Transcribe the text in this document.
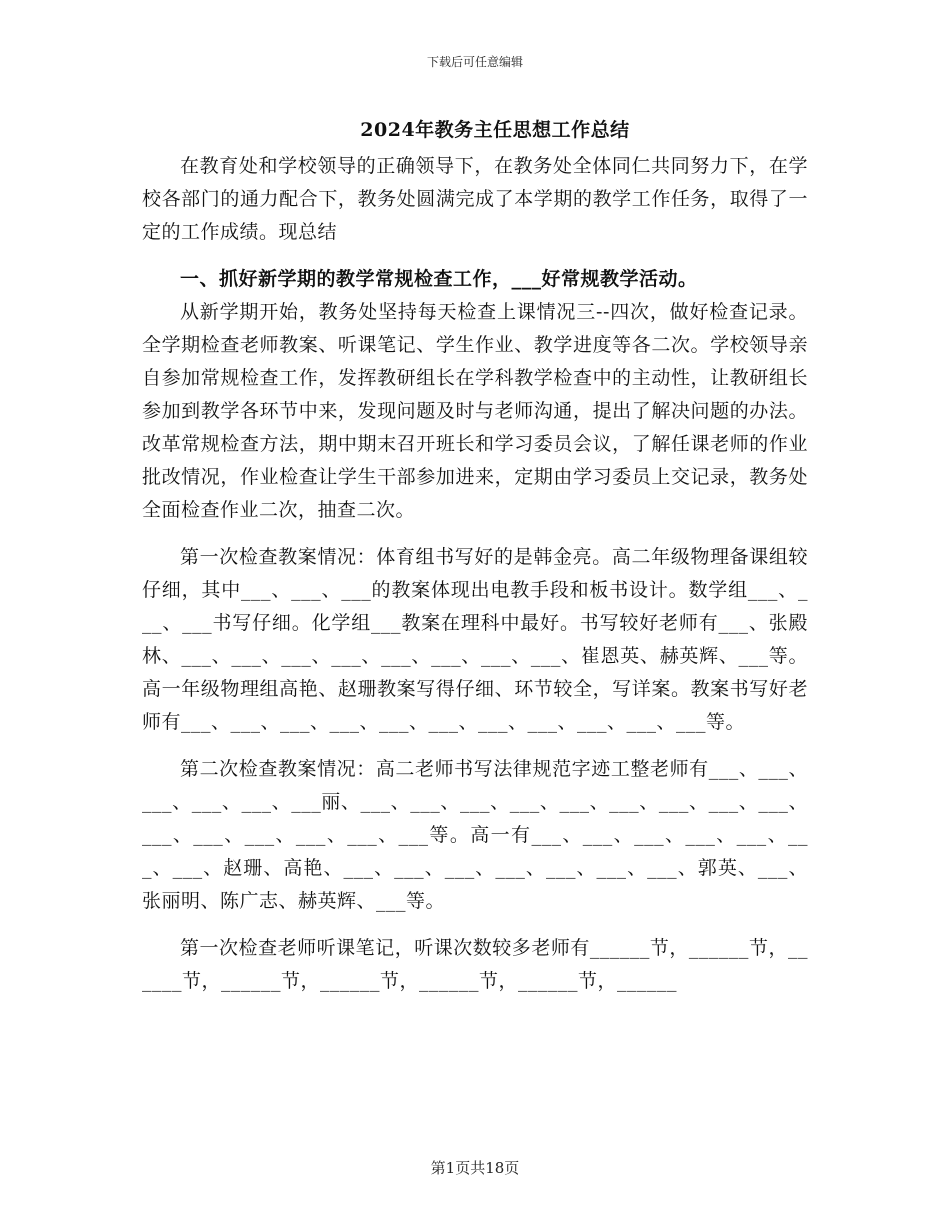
下载后可任意编辑
2024年教务主任思想工作总结

在教育处和学校领导的正确领导下，在教务处全体同仁共同努力下，在学校各部门的通力配合下，教务处圆满完成了本学期的教学工作任务，取得了一定的工作成绩。现总结

一、抓好新学期的教学常规检查工作，___好常规教学活动。

从新学期开始，教务处坚持每天检查上课情况三--四次，做好检查记录。全学期检查老师教案、听课笔记、学生作业、教学进度等各二次。学校领导亲自参加常规检查工作，发挥教研组长在学科教学检查中的主动性，让教研组长参加到教学各环节中来，发现问题及时与老师沟通，提出了解决问题的办法。改革常规检查方法，期中期末召开班长和学习委员会议，了解任课老师的作业批改情况，作业检查让学生干部参加进来，定期由学习委员上交记录，教务处全面检查作业二次，抽查二次。

第一次检查教案情况：体育组书写好的是韩金亮。高二年级物理备课组较仔细，其中___、___、___的教案体现出电教手段和板书设计。数学组___、___、___书写仔细。化学组___教案在理科中最好。书写较好老师有___、张殿林、___、___、___、___、___、___、___、___、崔恩英、赫英辉、___等。高一年级物理组高艳、赵珊教案写得仔细、环节较全，写详案。教案书写好老师有___、___、___、___、___、___、___、___、___、___、___等。

第二次检查教案情况：高二老师书写法律规范字迹工整老师有___、___、___、___、___、___丽、___、___、___、___、___、___、___、___、___、___、___、___、___、___、___等。高一有___、___、___、___、___、___、___、赵珊、高艳、___、___、___、___、___、___、___、郭英、___、张丽明、陈广志、赫英辉、___等。

第一次检查老师听课笔记，听课次数较多老师有______节，______节，______节，______节，______节，______节，______节，______

第1页共18页
